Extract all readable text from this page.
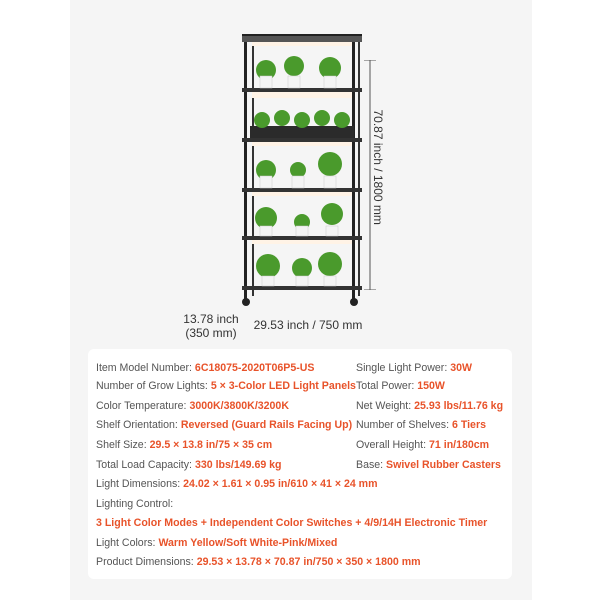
70.87 inch / 1800 mm
13.78 inch
(350 mm)
29.53 inch / 750 mm
Item Model Number: 6C18075-2020T06P5-US	Single Light Power: 30W
Number of Grow Lights: 5 × 3-Color LED Light Panels Total Power: 150W
Color Temperature: 3000K/3800K/3200K	Net Weight: 25.93 lbs/11.76 kg
Shelf Orientation: Reversed (Guard Rails Facing Up) Number of Shelves: 6 Tiers
Shelf Size: 29.5 × 13.8 in/75 × 35 cm	Overall Height: 71 in/180cm
Total Load Capacity: 330 lbs/149.69 kg	Base: Swivel Rubber Casters
Light Dimensions: 24.02 × 1.61 × 0.95 in/610 × 41 × 24 mm
Lighting Control:
3 Light Color Modes + Independent Color Switches + 4/9/14H Electronic Timer
Light Colors: Warm Yellow/Soft White-Pink/Mixed
Product Dimensions: 29.53 × 13.78 × 70.87 in/750 × 350 × 1800 mm
